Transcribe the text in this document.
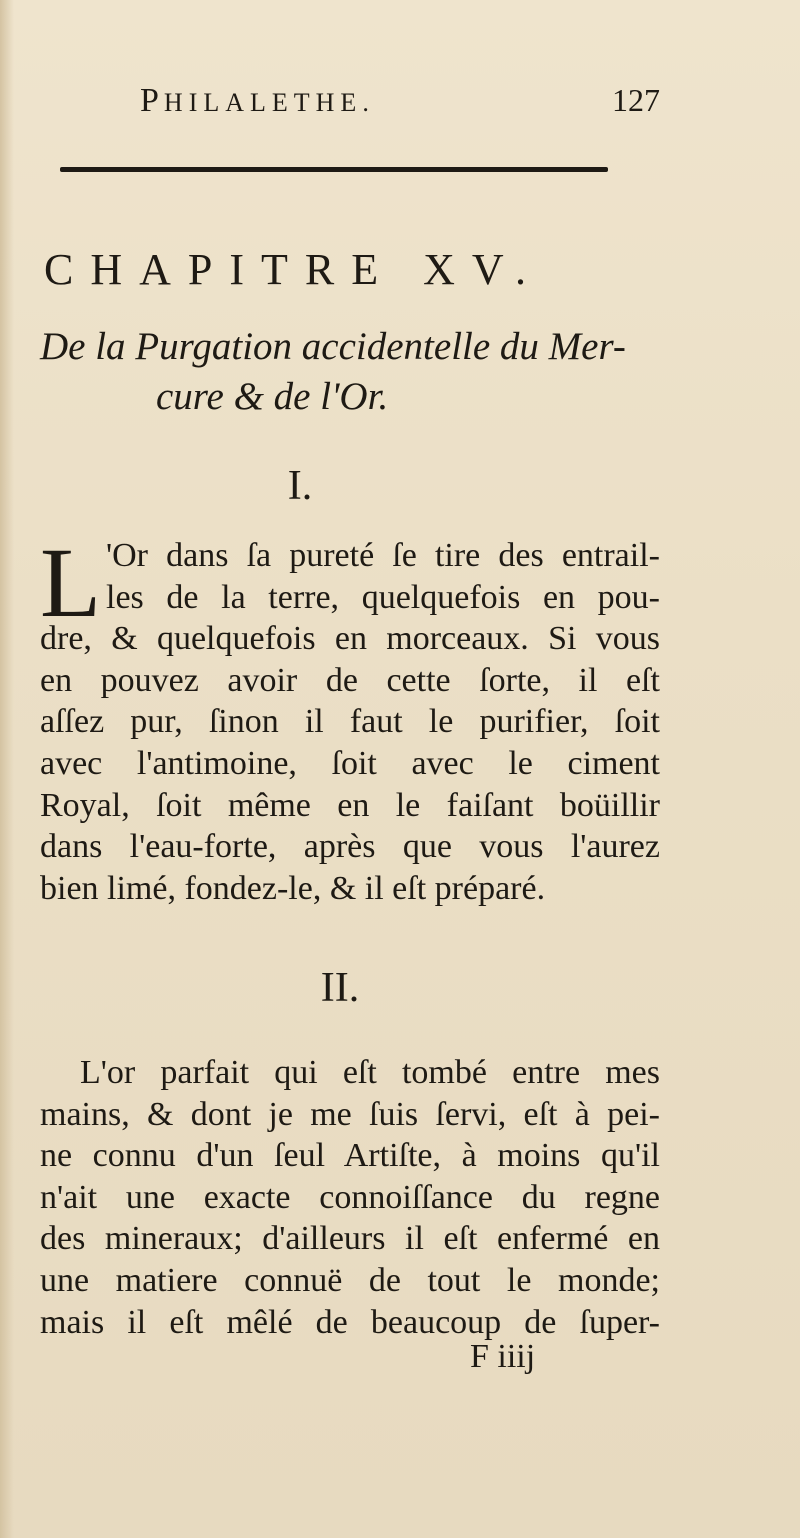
PHILALETHE.	127
CHAPITRE XV.
De la Purgation accidentelle du Mer-
cure & de l'Or.
I.
L 'Or dans ſa pureté ſe tire des entrail-
les de la terre, quelquefois en pou-
dre, & quelquefois en morceaux. Si vous
en pouvez avoir de cette ſorte, il eſt
aſſez pur, ſinon il faut le purifier, ſoit
avec l'antimoine, ſoit avec le ciment
Royal, ſoit même en le faiſant boüillir
dans l'eau-forte, après que vous l'aurez
bien limé, fondez-le, & il eſt préparé.
II.
L'or parfait qui eſt tombé entre mes
mains, & dont je me ſuis ſervi, eſt à pei-
ne connu d'un ſeul Artiſte, à moins qu'il
n'ait une exacte connoiſſance du regne
des mineraux; d'ailleurs il eſt enfermé en
une matiere connuë de tout le monde;
mais il eſt mêlé de beaucoup de ſuper-
F iiij
